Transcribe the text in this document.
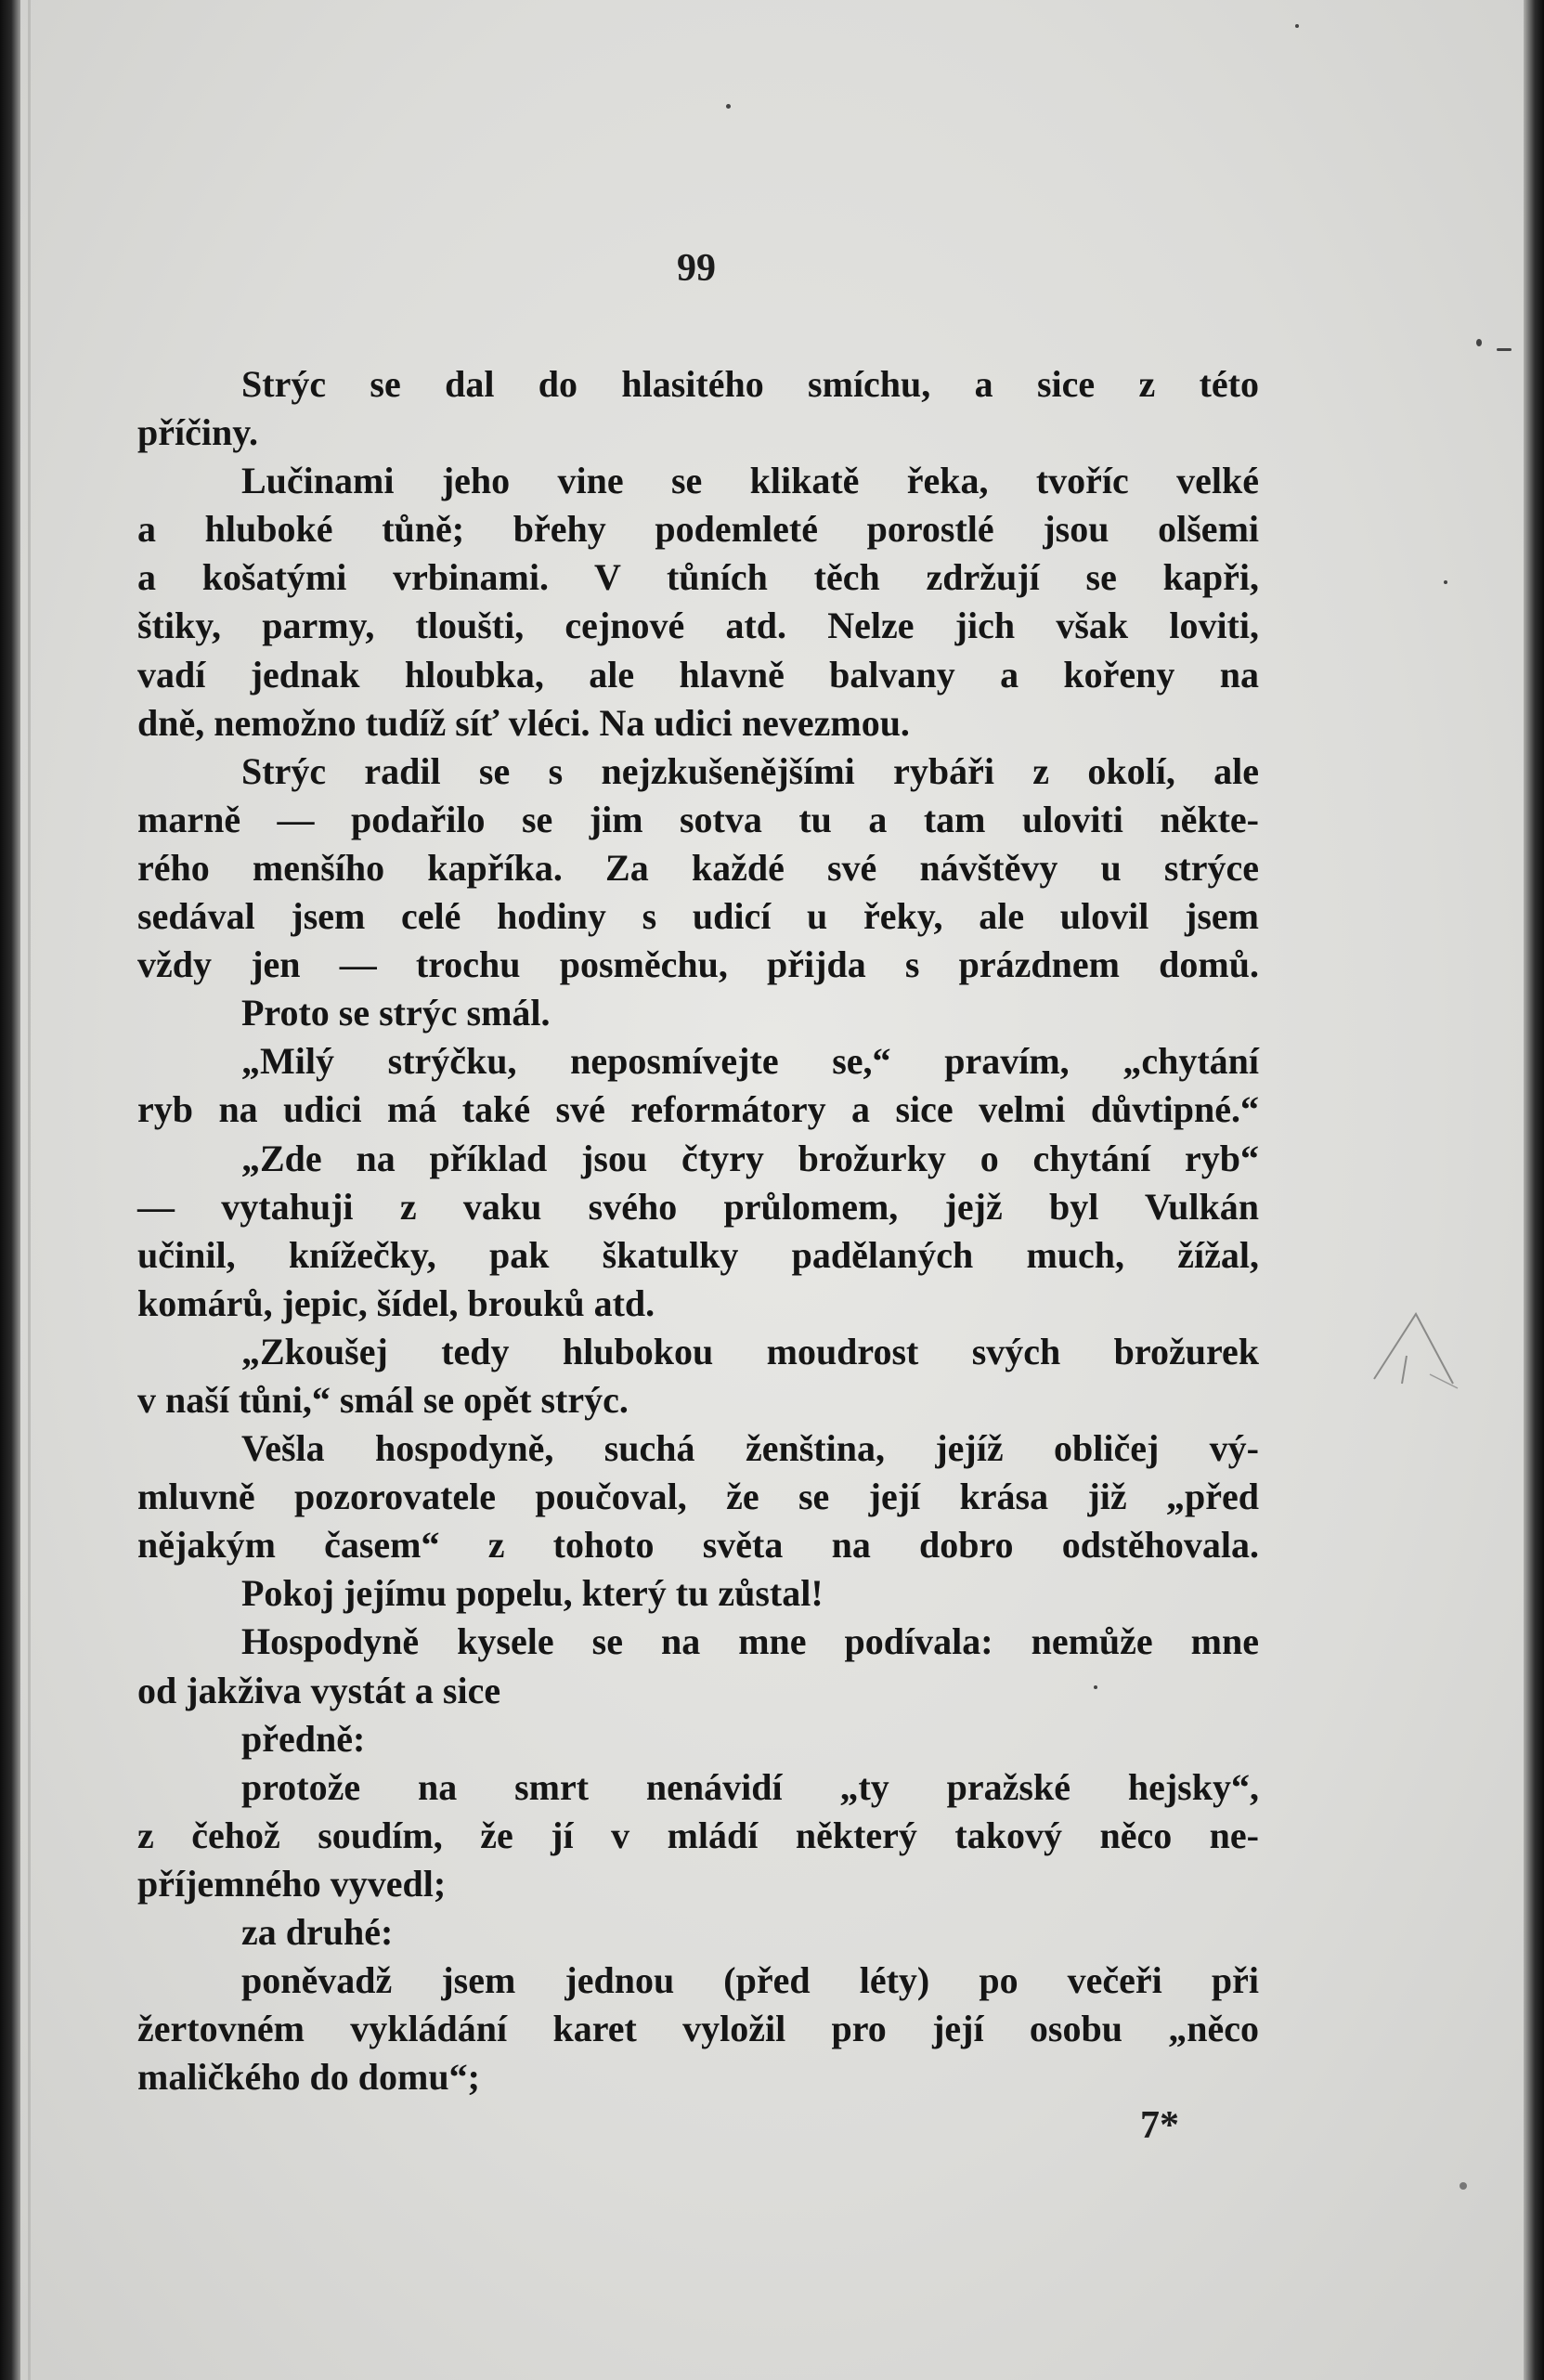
99
Strýc se dal do hlasitého smíchu, a sice z této
příčiny.
Lučinami jeho vine se klikatě řeka, tvoříc velké
a hluboké tůně; břehy podemleté porostlé jsou olšemi
a košatými vrbinami. V tůních těch zdržují se kapři,
štiky, parmy, tloušti, cejnové atd. Nelze jich však loviti,
vadí jednak hloubka, ale hlavně balvany a kořeny na
dně, nemožno tudíž síť vléci. Na udici nevezmou.
Strýc radil se s nejzkušenějšími rybáři z okolí, ale
marně — podařilo se jim sotva tu a tam uloviti někte-
rého menšího kapříka. Za každé své návštěvy u strýce
sedával jsem celé hodiny s udicí u řeky, ale ulovil jsem
vždy jen — trochu posměchu, přijda s prázdnem domů.
Proto se strýc smál.
„Milý strýčku, neposmívejte se,“ pravím, „chytání
ryb na udici má také své reformátory a sice velmi důvtipné.“
„Zde na příklad jsou čtyry brožurky o chytání ryb“
— vytahuji z vaku svého průlomem, jejž byl Vulkán
učinil, knížečky, pak škatulky padělaných much, žížal,
komárů, jepic, šídel, brouků atd.
„Zkoušej tedy hlubokou moudrost svých brožurek
v naší tůni,“ smál se opět strýc.
Vešla hospodyně, suchá ženština, jejíž obličej vý-
mluvně pozorovatele poučoval, že se její krása již „před
nějakým časem“ z tohoto světa na dobro odstěhovala.
Pokoj jejímu popelu, který tu zůstal!
Hospodyně kysele se na mne podívala: nemůže mne
od jakživa vystát a sice
předně:
protože na smrt nenávidí „ty pražské hejsky“,
z čehož soudím, že jí v mládí některý takový něco ne-
příjemného vyvedl;
za druhé:
poněvadž jsem jednou (před léty) po večeři při
žertovném vykládání karet vyložil pro její osobu „něco
maličkého do domu“;
7*
